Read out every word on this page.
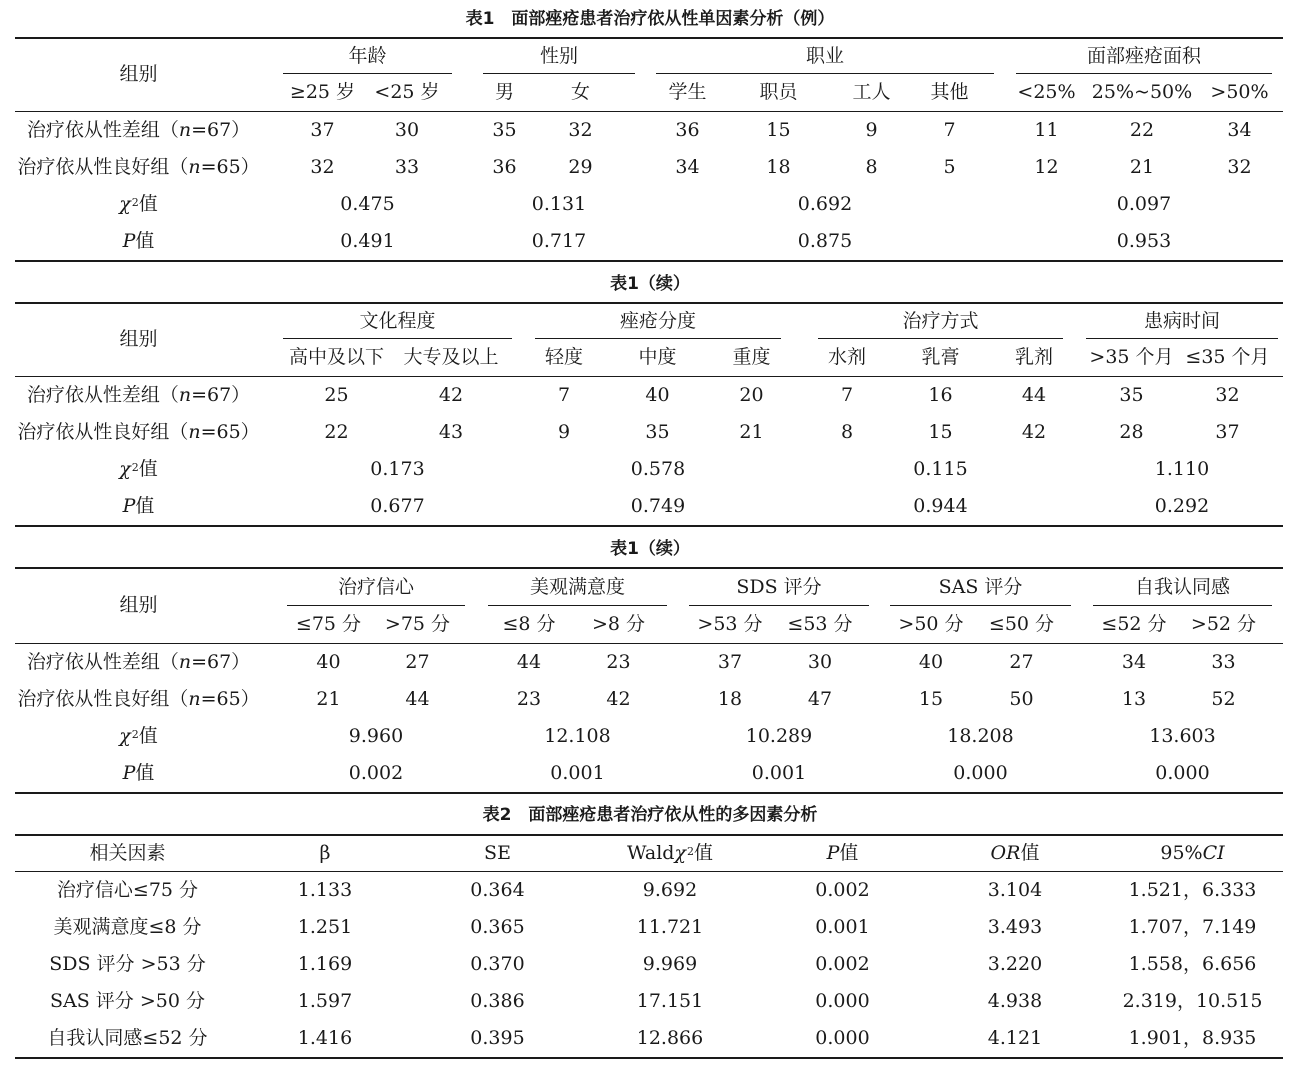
表1　面部痤疮患者治疗依从性单因素分析（例）
组别
年龄
≥25 岁	<25 岁
性别
男	女
职业
学生	职员	工人	其他
面部痤疮面积
<25% 25%~50% >50%
治疗依从性差组（ n =67）	37	30	35	32	36	15	9	7	11	22	34
治疗依从性良好组（ n =65）	32	33	36	29	34	18	8	5	12	21	32
$\chi^2$ 值	0.475	0.131	0.692	0.097
P 值	0.491	0.717	0.875	0.953
表1（续）
组别
文化程度
高中及以下	大专及以上
痤疮分度
轻度	中度	重度
治疗方式
水剂	乳膏	乳剂
患病时间
>35 个月 ≤35 个月
治疗依从性差组（ n =67）	25	42	7	40	20	7	16	44	35	32
治疗依从性良好组（ n =65）	22	43	9	35	21	8	15	42	28	37
$\chi^2$ 值	0.173	0.578	0.115	1.110
P 值	0.677	0.749	0.944	0.292
表1（续）
组别
治疗信心
≤75 分	>75 分
美观满意度
≤8 分	>8 分
SDS 评分
>53 分	≤53 分
SAS 评分
>50 分	≤50 分
自我认同感
≤52 分	>52 分
治疗依从性差组（ n =67）	40	27	44	23	37	30	40	27	34	33
治疗依从性良好组（ n =65）	21	44	23	42	18	47	15	50	13	52
$\chi^2$ 值	9.960	12.108	10.289	18.208	13.603
P 值	0.002	0.001	0.001	0.000	0.000
表2　面部痤疮患者治疗依从性的多因素分析
相关因素	β	SE	Wald $\chi^2$ 值	P 值	OR 值	95% CI
治疗信心≤75 分	1.133	0.364	9.692	0.002	3.104	1.521，6.333
美观满意度≤8 分	1.251	0.365	11.721	0.001	3.493	1.707，7.149
SDS 评分 >53 分	1.169	0.370	9.969	0.002	3.220	1.558，6.656
SAS 评分 >50 分	1.597	0.386	17.151	0.000	4.938	2.319，10.515
自我认同感≤52 分	1.416	0.395	12.866	0.000	4.121	1.901，8.935
